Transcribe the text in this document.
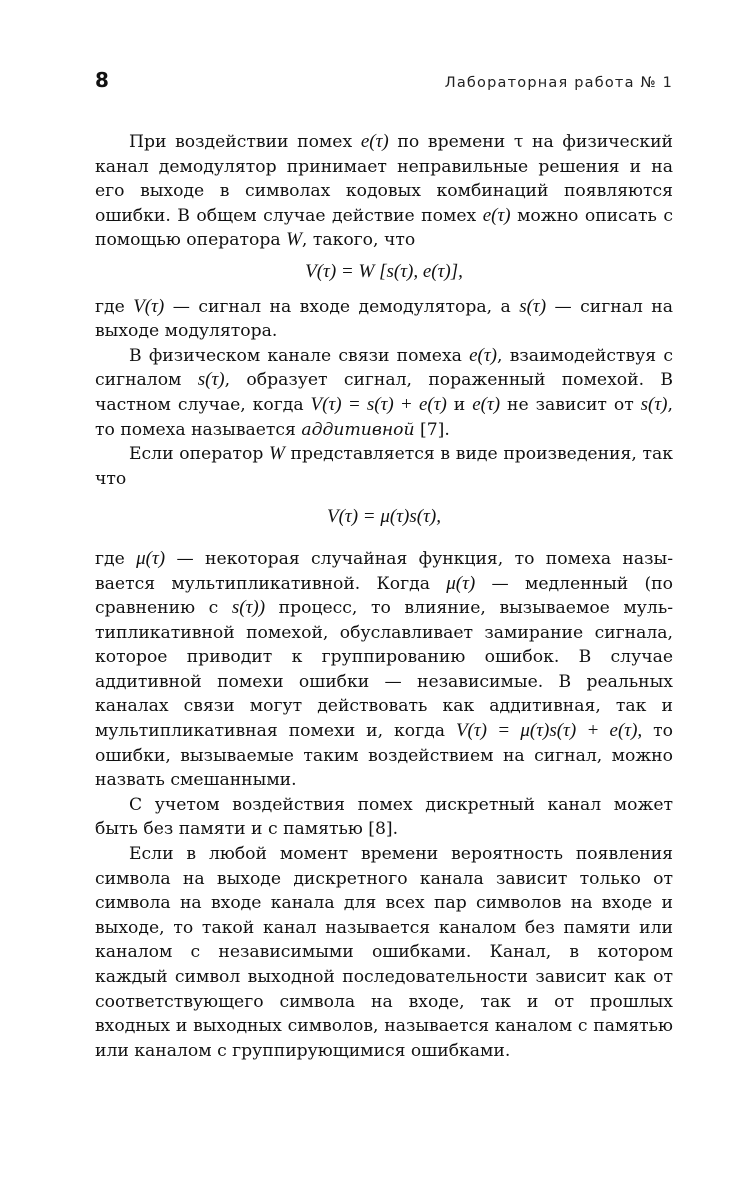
8	Лабораторная работа № 1

При воздействии помех e(τ) по времени τ на физический канал демодулятор принимает неправильные решения и на его выходе в символах кодовых комбинаций появляются ошибки. В общем случае действие помех e(τ) можно описать с помощью оператора W, такого, что

V(τ) = W [s(τ), e(τ)],

где V(τ) — сигнал на входе демодулятора, а s(τ) — сигнал на выходе модулятора.

В физическом канале связи помеха e(τ), взаимодействуя с сигналом s(τ), образует сигнал, пораженный помехой. В частном случае, когда V(τ) = s(τ) + e(τ) и e(τ) не зависит от s(τ), то помеха называется аддитивной [7].

Если оператор W представляется в виде произведения, так что

V(τ) = μ(τ)s(τ),

где μ(τ) — некоторая случайная функция, то помеха называется мультипликативной. Когда μ(τ) — медленный (по сравнению с s(τ)) процесс, то влияние, вызываемое мультипликативной помехой, обуславливает замирание сигнала, которое приводит к группированию ошибок. В случае аддитивной помехи ошибки — независимые. В реальных каналах связи могут действовать как аддитивная, так и мультипликативная помехи и, когда V(τ) = μ(τ)s(τ) + e(τ), то ошибки, вызываемые таким воздействием на сигнал, можно назвать смешанными.

С учетом воздействия помех дискретный канал может быть без памяти и с памятью [8].

Если в любой момент времени вероятность появления символа на выходе дискретного канала зависит только от символа на входе канала для всех пар символов на входе и выходе, то такой канал называется каналом без памяти или каналом с независимыми ошибками. Канал, в котором каждый символ выходной последовательности зависит как от соответствующего символа на входе, так и от прошлых входных и выходных символов, называется каналом с памятью или каналом с группирующимися ошибками.
